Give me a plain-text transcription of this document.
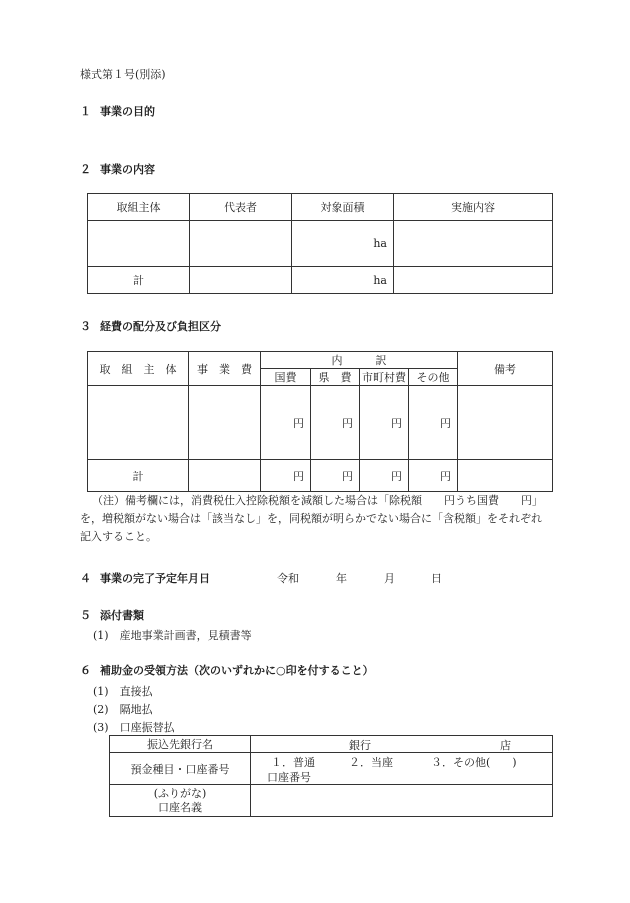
様式第１号(別添)
１ 事業の目的
２ 事業の内容
取組主体	代表者	対象面積	実施内容
		ha	
計		ha	
３ 経費の配分及び負担区分
取　組　主　体	事　業　費	内　　　訳				備考
		国費	県　費	市町村費	その他	
		円	円	円	円	
計		円	円	円	円	
（注）備考欄には，消費税仕入控除税額を減額した場合は「除税額　　円うち国費　　円」を，増税額がない場合は「該当なし」を，同税額が明らかでない場合に「含税額」をそれぞれ記入すること。
４ 事業の完了予定年月日	令和	年	月	日
５ 添付書類
(1)　産地事業計画書，見積書等
６ 補助金の受領方法（次のいずれかに○印を付すること）
(1)　直接払
(2)　隔地払
(3)　口座振替払
振込先銀行名	銀行 店

預金種目・口座番号	１．普通 ２．当座 ３．その他(　　)
口座番号

(ふりがな)
口座名義	
